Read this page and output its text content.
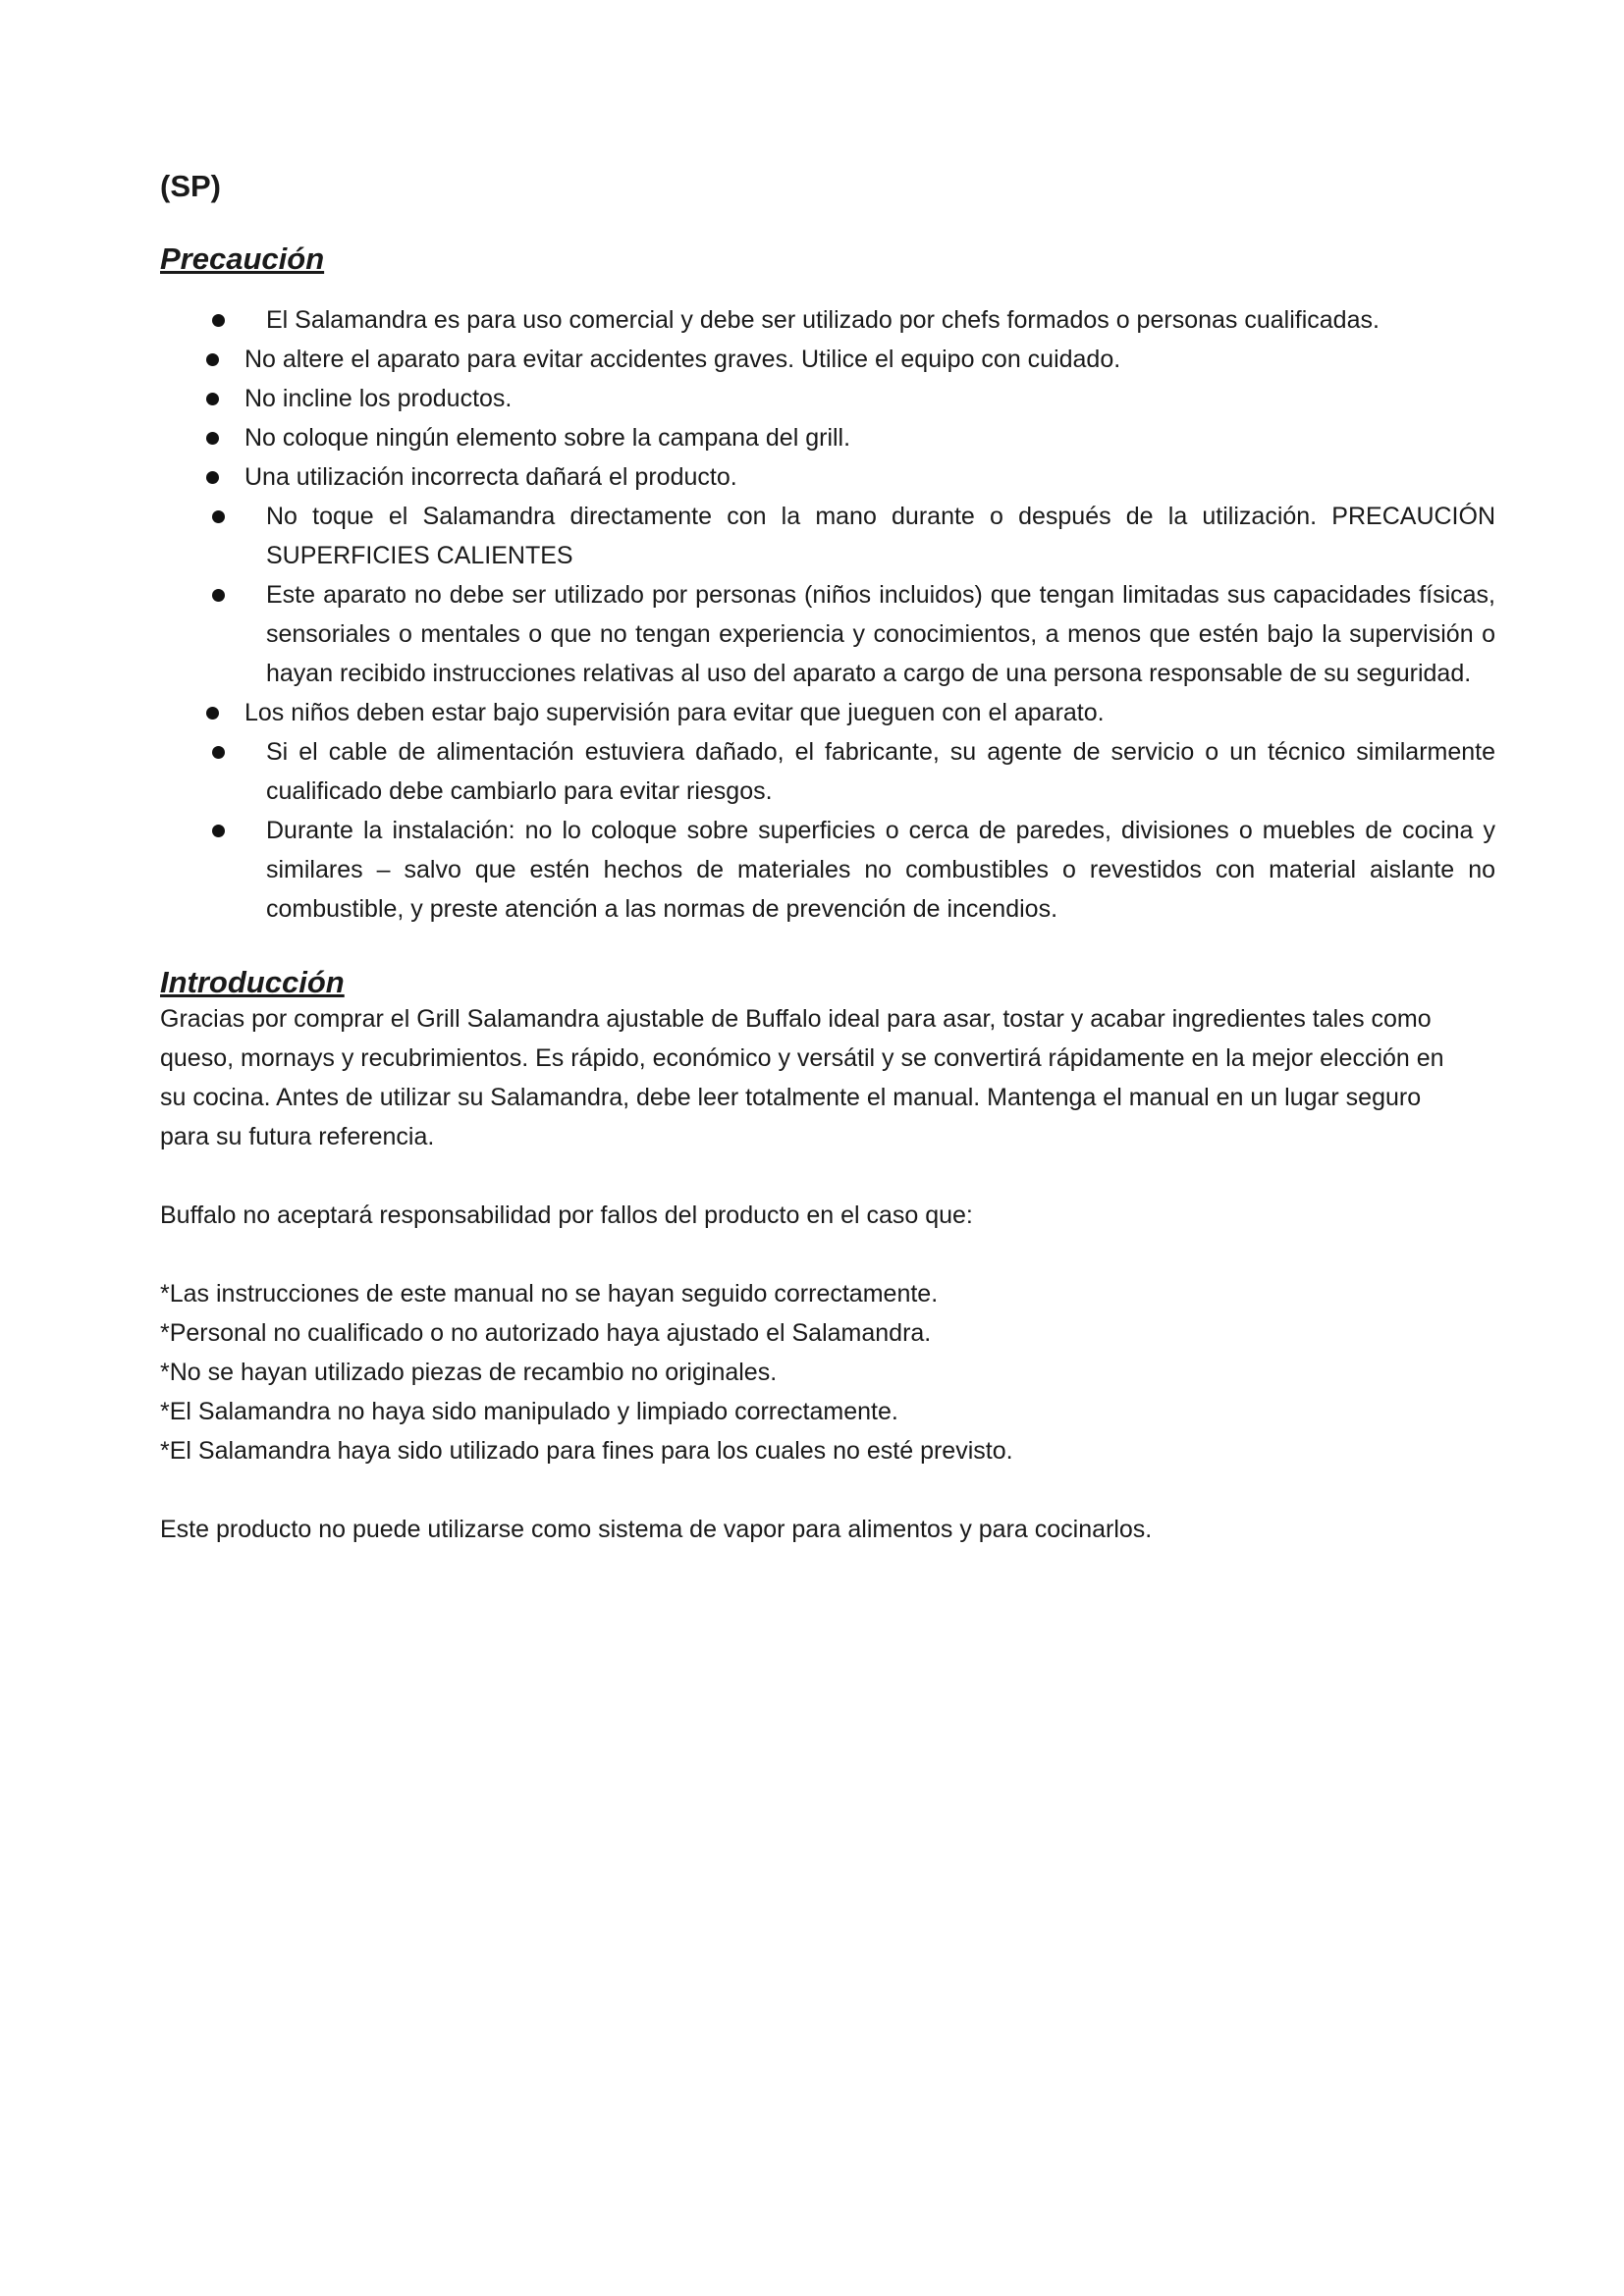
(SP)
Precaución
El Salamandra es para uso comercial y debe ser utilizado por chefs formados o personas cualificadas.
No altere el aparato para evitar accidentes graves. Utilice el equipo con cuidado.
No incline los productos.
No coloque ningún elemento sobre la campana del grill.
Una utilización incorrecta dañará el producto.
No toque el Salamandra directamente con la mano durante o después de la utilización. PRECAUCIÓN SUPERFICIES CALIENTES
Este aparato no debe ser utilizado por personas (niños incluidos) que tengan limitadas sus capacidades físicas, sensoriales o mentales o que no tengan experiencia y conocimientos, a menos que estén bajo la supervisión o hayan recibido instrucciones relativas al uso del aparato a cargo de una persona responsable de su seguridad.
Los niños deben estar bajo supervisión para evitar que jueguen con el aparato.
Si el cable de alimentación estuviera dañado, el fabricante, su agente de servicio o un técnico similarmente cualificado debe cambiarlo para evitar riesgos.
Durante la instalación: no lo coloque sobre superficies o cerca de paredes, divisiones o muebles de cocina y similares – salvo que estén hechos de materiales no combustibles o revestidos con material aislante no combustible, y preste atención a las normas de prevención de incendios.
Introducción

Gracias por comprar el Grill Salamandra ajustable de Buffalo ideal para asar, tostar y acabar ingredientes tales como queso, mornays y recubrimientos. Es rápido, económico y versátil y se convertirá rápidamente en la mejor elección en su cocina. Antes de utilizar su Salamandra, debe leer totalmente el manual. Mantenga el manual en un lugar seguro para su futura referencia.

Buffalo no aceptará responsabilidad por fallos del producto en el caso que:

*Las instrucciones de este manual no se hayan seguido correctamente.
*Personal no cualificado o no autorizado haya ajustado el Salamandra.
*No se hayan utilizado piezas de recambio no originales.
*El Salamandra no haya sido manipulado y limpiado correctamente.
*El Salamandra haya sido utilizado para fines para los cuales no esté previsto.

Este producto no puede utilizarse como sistema de vapor para alimentos y para cocinarlos.
